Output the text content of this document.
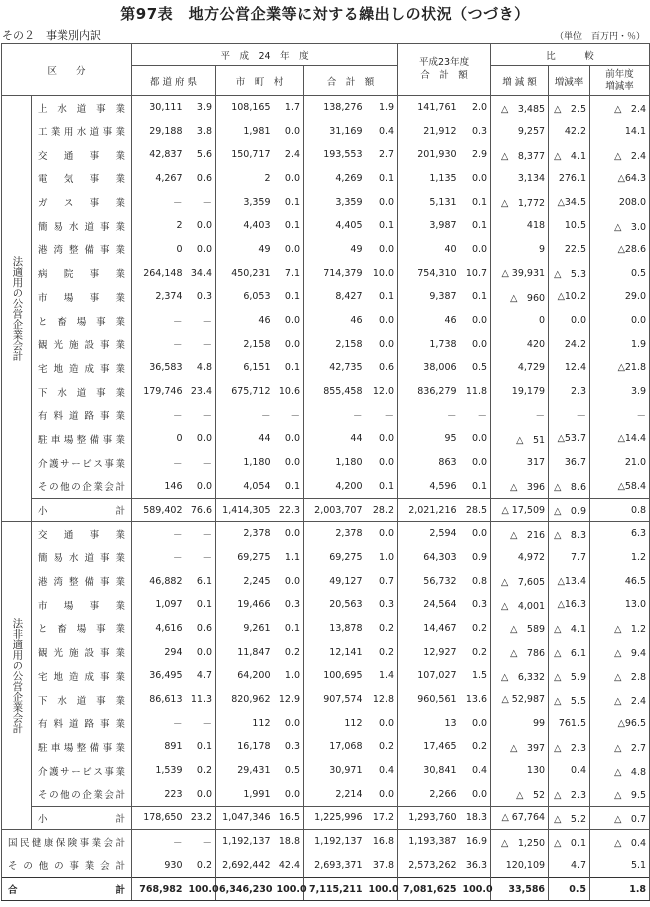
第97表　地方公営企業等に対する繰出しの状況（つづき）
その２　事業別内訳	（単位　百万円・％）
区　　分		平　成　24　年　度						平成23年度
合　計　額		比　　　較		
		都 道 府 県		市　町　村		合　計　額				増 減 額	増減率	前年度
増減率
法適用の公営企業会計	上 水 道 事 業	30,111	3.9	108,165	1.7	138,276	1.9	141,761	2.0	△　3,485	△　2.5	△　2.4
	工業用水道事業	29,188	3.8	1,981	0.0	31,169	0.4	21,912	0.3	9,257	42.2	14.1
	交 通 事 業	42,837	5.6	150,717	2.4	193,553	2.7	201,930	2.9	△　8,377	△　4.1	△　2.4
	電 気 事 業	4,267	0.6	2	0.0	4,269	0.1	1,135	0.0	3,134	276.1	△64.3
	ガ ス 事 業	－	－	3,359	0.1	3,359	0.0	5,131	0.1	△　1,772	△34.5	208.0
	簡易水道事業	2	0.0	4,403	0.1	4,405	0.1	3,987	0.1	418	10.5	△　3.0
	港湾整備事業	0	0.0	49	0.0	49	0.0	40	0.0	9	22.5	△28.6
	病 院 事 業	264,148	34.4	450,231	7.1	714,379	10.0	754,310	10.7	△ 39,931	△　5.3	0.5
	市 場 事 業	2,374	0.3	6,053	0.1	8,427	0.1	9,387	0.1	△　960	△10.2	29.0
	と 畜 場 事 業	－	－	46	0.0	46	0.0	46	0.0	0	0.0	0.0
	観光施設事業	－	－	2,158	0.0	2,158	0.0	1,738	0.0	420	24.2	1.9
	宅地造成事業	36,583	4.8	6,151	0.1	42,735	0.6	38,006	0.5	4,729	12.4	△21.8
	下 水 道 事 業	179,746	23.4	675,712	10.6	855,458	12.0	836,279	11.8	19,179	2.3	3.9
	有料道路事業	－	－	－	－	－	－	－	－	－	－	－
	駐車場整備事業	0	0.0	44	0.0	44	0.0	95	0.0	△　51	△53.7	△14.4
	介護サービス事業	－	－	1,180	0.0	1,180	0.0	863	0.0	317	36.7	21.0
	その他の企業会計	146	0.0	4,054	0.1	4,200	0.1	4,596	0.1	△　396	△　8.6	△58.4
	小　　　計	589,402	76.6	1,414,305	22.3	2,003,707	28.2	2,021,216	28.5	△ 17,509	△　0.9	0.8
法非適用の公営企業会計	交 通 事 業	－	－	2,378	0.0	2,378	0.0	2,594	0.0	△　216	△　8.3	6.3
	簡易水道事業	－	－	69,275	1.1	69,275	1.0	64,303	0.9	4,972	7.7	1.2
	港湾整備事業	46,882	6.1	2,245	0.0	49,127	0.7	56,732	0.8	△　7,605	△13.4	46.5
	市 場 事 業	1,097	0.1	19,466	0.3	20,563	0.3	24,564	0.3	△　4,001	△16.3	13.0
	と 畜 場 事 業	4,616	0.6	9,261	0.1	13,878	0.2	14,467	0.2	△　589	△　4.1	△　1.2
	観光施設事業	294	0.0	11,847	0.2	12,141	0.2	12,927	0.2	△　786	△　6.1	△　9.4
	宅地造成事業	36,495	4.7	64,200	1.0	100,695	1.4	107,027	1.5	△　6,332	△　5.9	△　2.8
	下 水 道 事 業	86,613	11.3	820,962	12.9	907,574	12.8	960,561	13.6	△ 52,987	△　5.5	△　2.4
	有料道路事業	－	－	112	0.0	112	0.0	13	0.0	99	761.5	△96.5
	駐車場整備事業	891	0.1	16,178	0.3	17,068	0.2	17,465	0.2	△　397	△　2.3	△　2.7
	介護サービス事業	1,539	0.2	29,431	0.5	30,971	0.4	30,841	0.4	130	0.4	△　4.8
	その他の企業会計	223	0.0	1,991	0.0	2,214	0.0	2,266	0.0	△　52	△　2.3	△　9.5
	小　　　計	178,650	23.2	1,047,346	16.5	1,225,996	17.2	1,293,760	18.3	△ 67,764	△　5.2	△　0.7
国民健康保険事業会計		－	－	1,192,137	18.8	1,192,137	16.8	1,193,387	16.9	△　1,250	△　0.1	△　0.4
そ の 他 の 事 業 会 計		930	0.2	2,692,442	42.4	2,693,371	37.8	2,573,262	36.3	120,109	4.7	5.1
合　　　　　　　　　計		768,982	100.0	6,346,230	100.0	7,115,211	100.0	7,081,625	100.0	33,586	0.5	1.8
